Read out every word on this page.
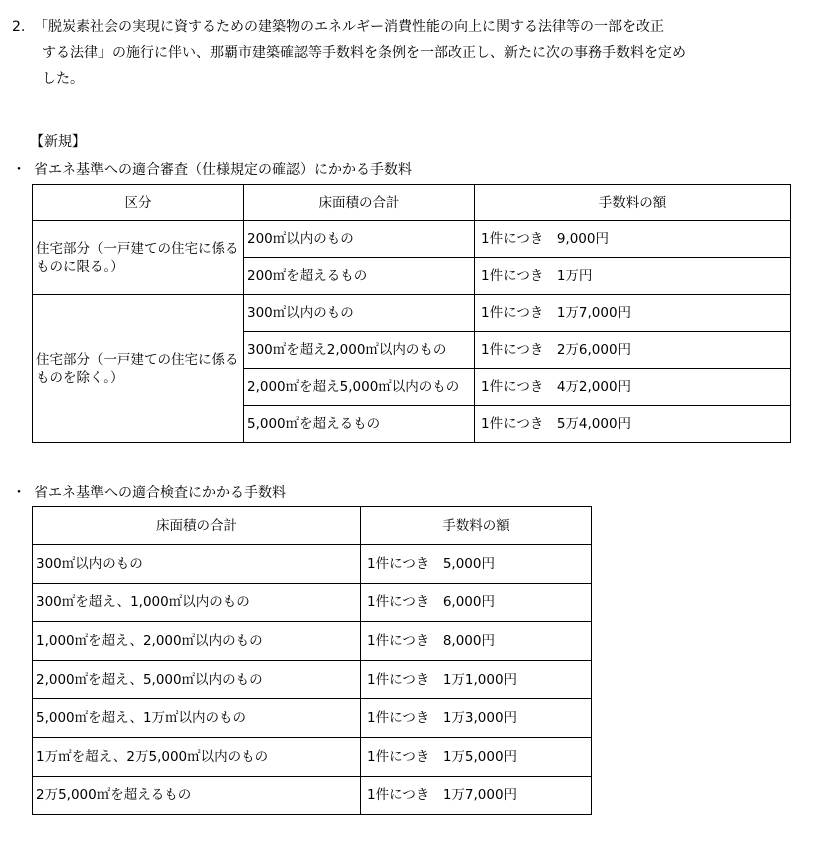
2. 「脱炭素社会の実現に資するための建築物のエネルギー消費性能の向上に関する法律等の一部を改正
する法律」の施行に伴い、那覇市建築確認等手数料を条例を一部改正し、新たに次の事務手数料を定め
した。
【新規】
・ 省エネ基準への適合審査（仕様規定の確認）にかかる手数料
区分	床面積の合計	手数料の額
住宅部分（一戸建ての住宅に係るものに限る。）	200㎡以内のもの	1件につき　9,000円
	200㎡を超えるもの	1件につき　1万円
住宅部分（一戸建ての住宅に係るものを除く。）	300㎡以内のもの	1件につき　1万7,000円
	300㎡を超え2,000㎡以内のもの	1件につき　2万6,000円
	2,000㎡を超え5,000㎡以内のもの	1件につき　4万2,000円
	5,000㎡を超えるもの	1件につき　5万4,000円
・ 省エネ基準への適合検査にかかる手数料
床面積の合計	手数料の額
300㎡以内のもの	1件につき　5,000円
300㎡を超え、1,000㎡以内のもの	1件につき　6,000円
1,000㎡を超え、2,000㎡以内のもの	1件につき　8,000円
2,000㎡を超え、5,000㎡以内のもの	1件につき　1万1,000円
5,000㎡を超え、1万㎡以内のもの	1件につき　1万3,000円
1万㎡を超え、2万5,000㎡以内のもの	1件につき　1万5,000円
2万5,000㎡を超えるもの	1件につき　1万7,000円
